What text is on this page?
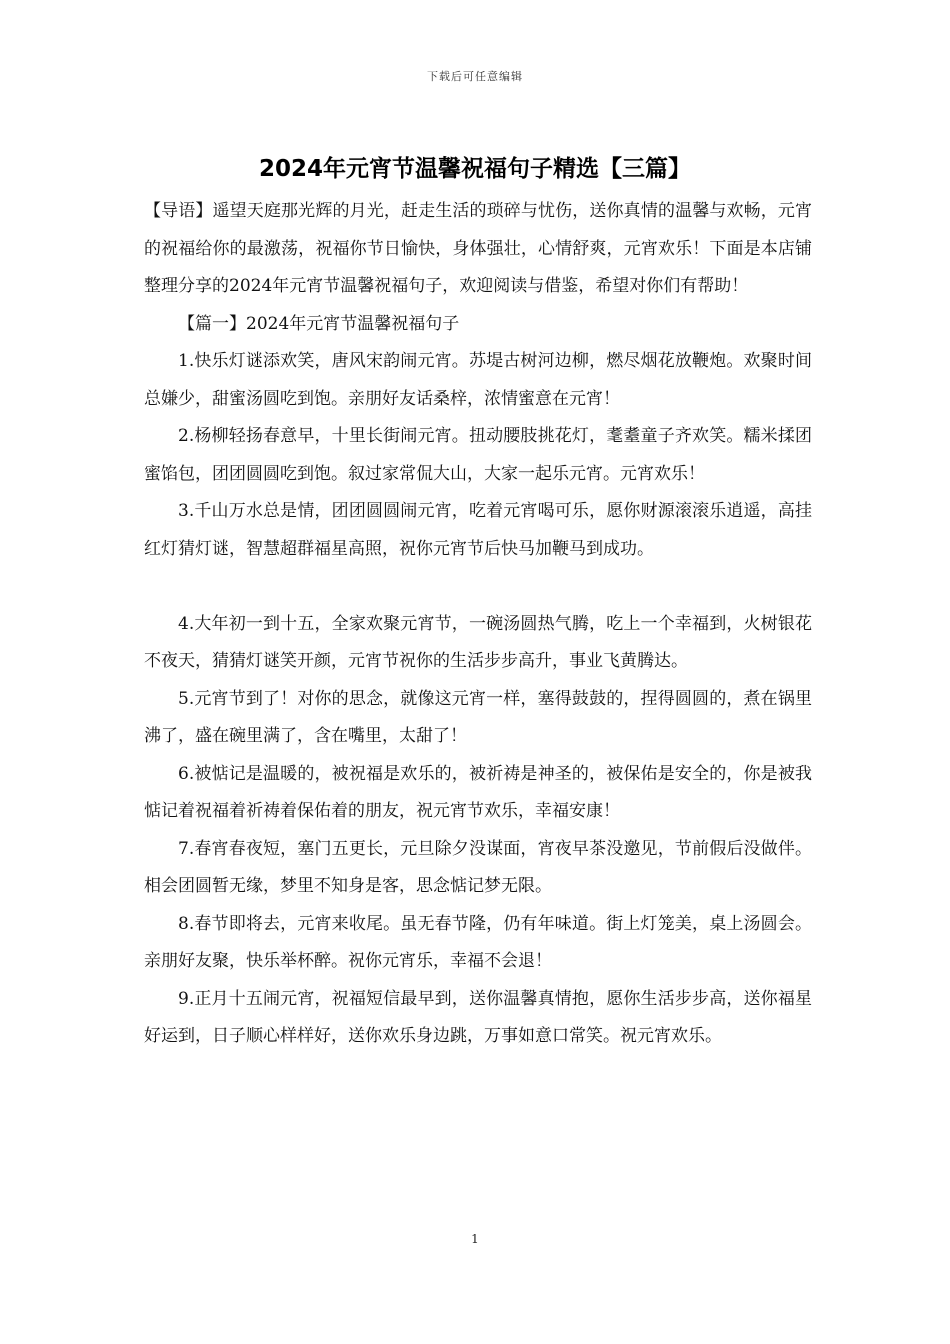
下载后可任意编辑
2024年元宵节温馨祝福句子精选【三篇】

【导语】遥望天庭那光辉的月光，赶走生活的琐碎与忧伤，送你真情的温馨与欢畅，元宵的祝福给你的最激荡，祝福你节日愉快，身体强壮，心情舒爽，元宵欢乐！下面是本店铺整理分享的2024年元宵节温馨祝福句子，欢迎阅读与借鉴，希望对你们有帮助！

【篇一】2024年元宵节温馨祝福句子

1.快乐灯谜添欢笑，唐风宋韵闹元宵。苏堤古树河边柳，燃尽烟花放鞭炮。欢聚时间总嫌少，甜蜜汤圆吃到饱。亲朋好友话桑梓，浓情蜜意在元宵！

2.杨柳轻扬春意早，十里长街闹元宵。扭动腰肢挑花灯，耄耋童子齐欢笑。糯米揉团蜜馅包，团团圆圆吃到饱。叙过家常侃大山，大家一起乐元宵。元宵欢乐！

3.千山万水总是情，团团圆圆闹元宵，吃着元宵喝可乐，愿你财源滚滚乐逍遥，高挂红灯猜灯谜，智慧超群福星高照，祝你元宵节后快马加鞭马到成功。

4.大年初一到十五，全家欢聚元宵节，一碗汤圆热气腾，吃上一个幸福到，火树银花不夜天，猜猜灯谜笑开颜，元宵节祝你的生活步步高升，事业飞黄腾达。

5.元宵节到了！对你的思念，就像这元宵一样，塞得鼓鼓的，捏得圆圆的，煮在锅里沸了，盛在碗里满了，含在嘴里，太甜了！

6.被惦记是温暖的，被祝福是欢乐的，被祈祷是神圣的，被保佑是安全的，你是被我惦记着祝福着祈祷着保佑着的朋友，祝元宵节欢乐，幸福安康！

7.春宵春夜短，塞门五更长，元旦除夕没谋面，宵夜早茶没邀见，节前假后没做伴。相会团圆暂无缘，梦里不知身是客，思念惦记梦无限。

8.春节即将去，元宵来收尾。虽无春节隆，仍有年味道。街上灯笼美，桌上汤圆会。亲朋好友聚，快乐举杯醉。祝你元宵乐，幸福不会退！

9.正月十五闹元宵，祝福短信最早到，送你温馨真情抱，愿你生活步步高，送你福星好运到，日子顺心样样好，送你欢乐身边跳，万事如意口常笑。祝元宵欢乐。

1
